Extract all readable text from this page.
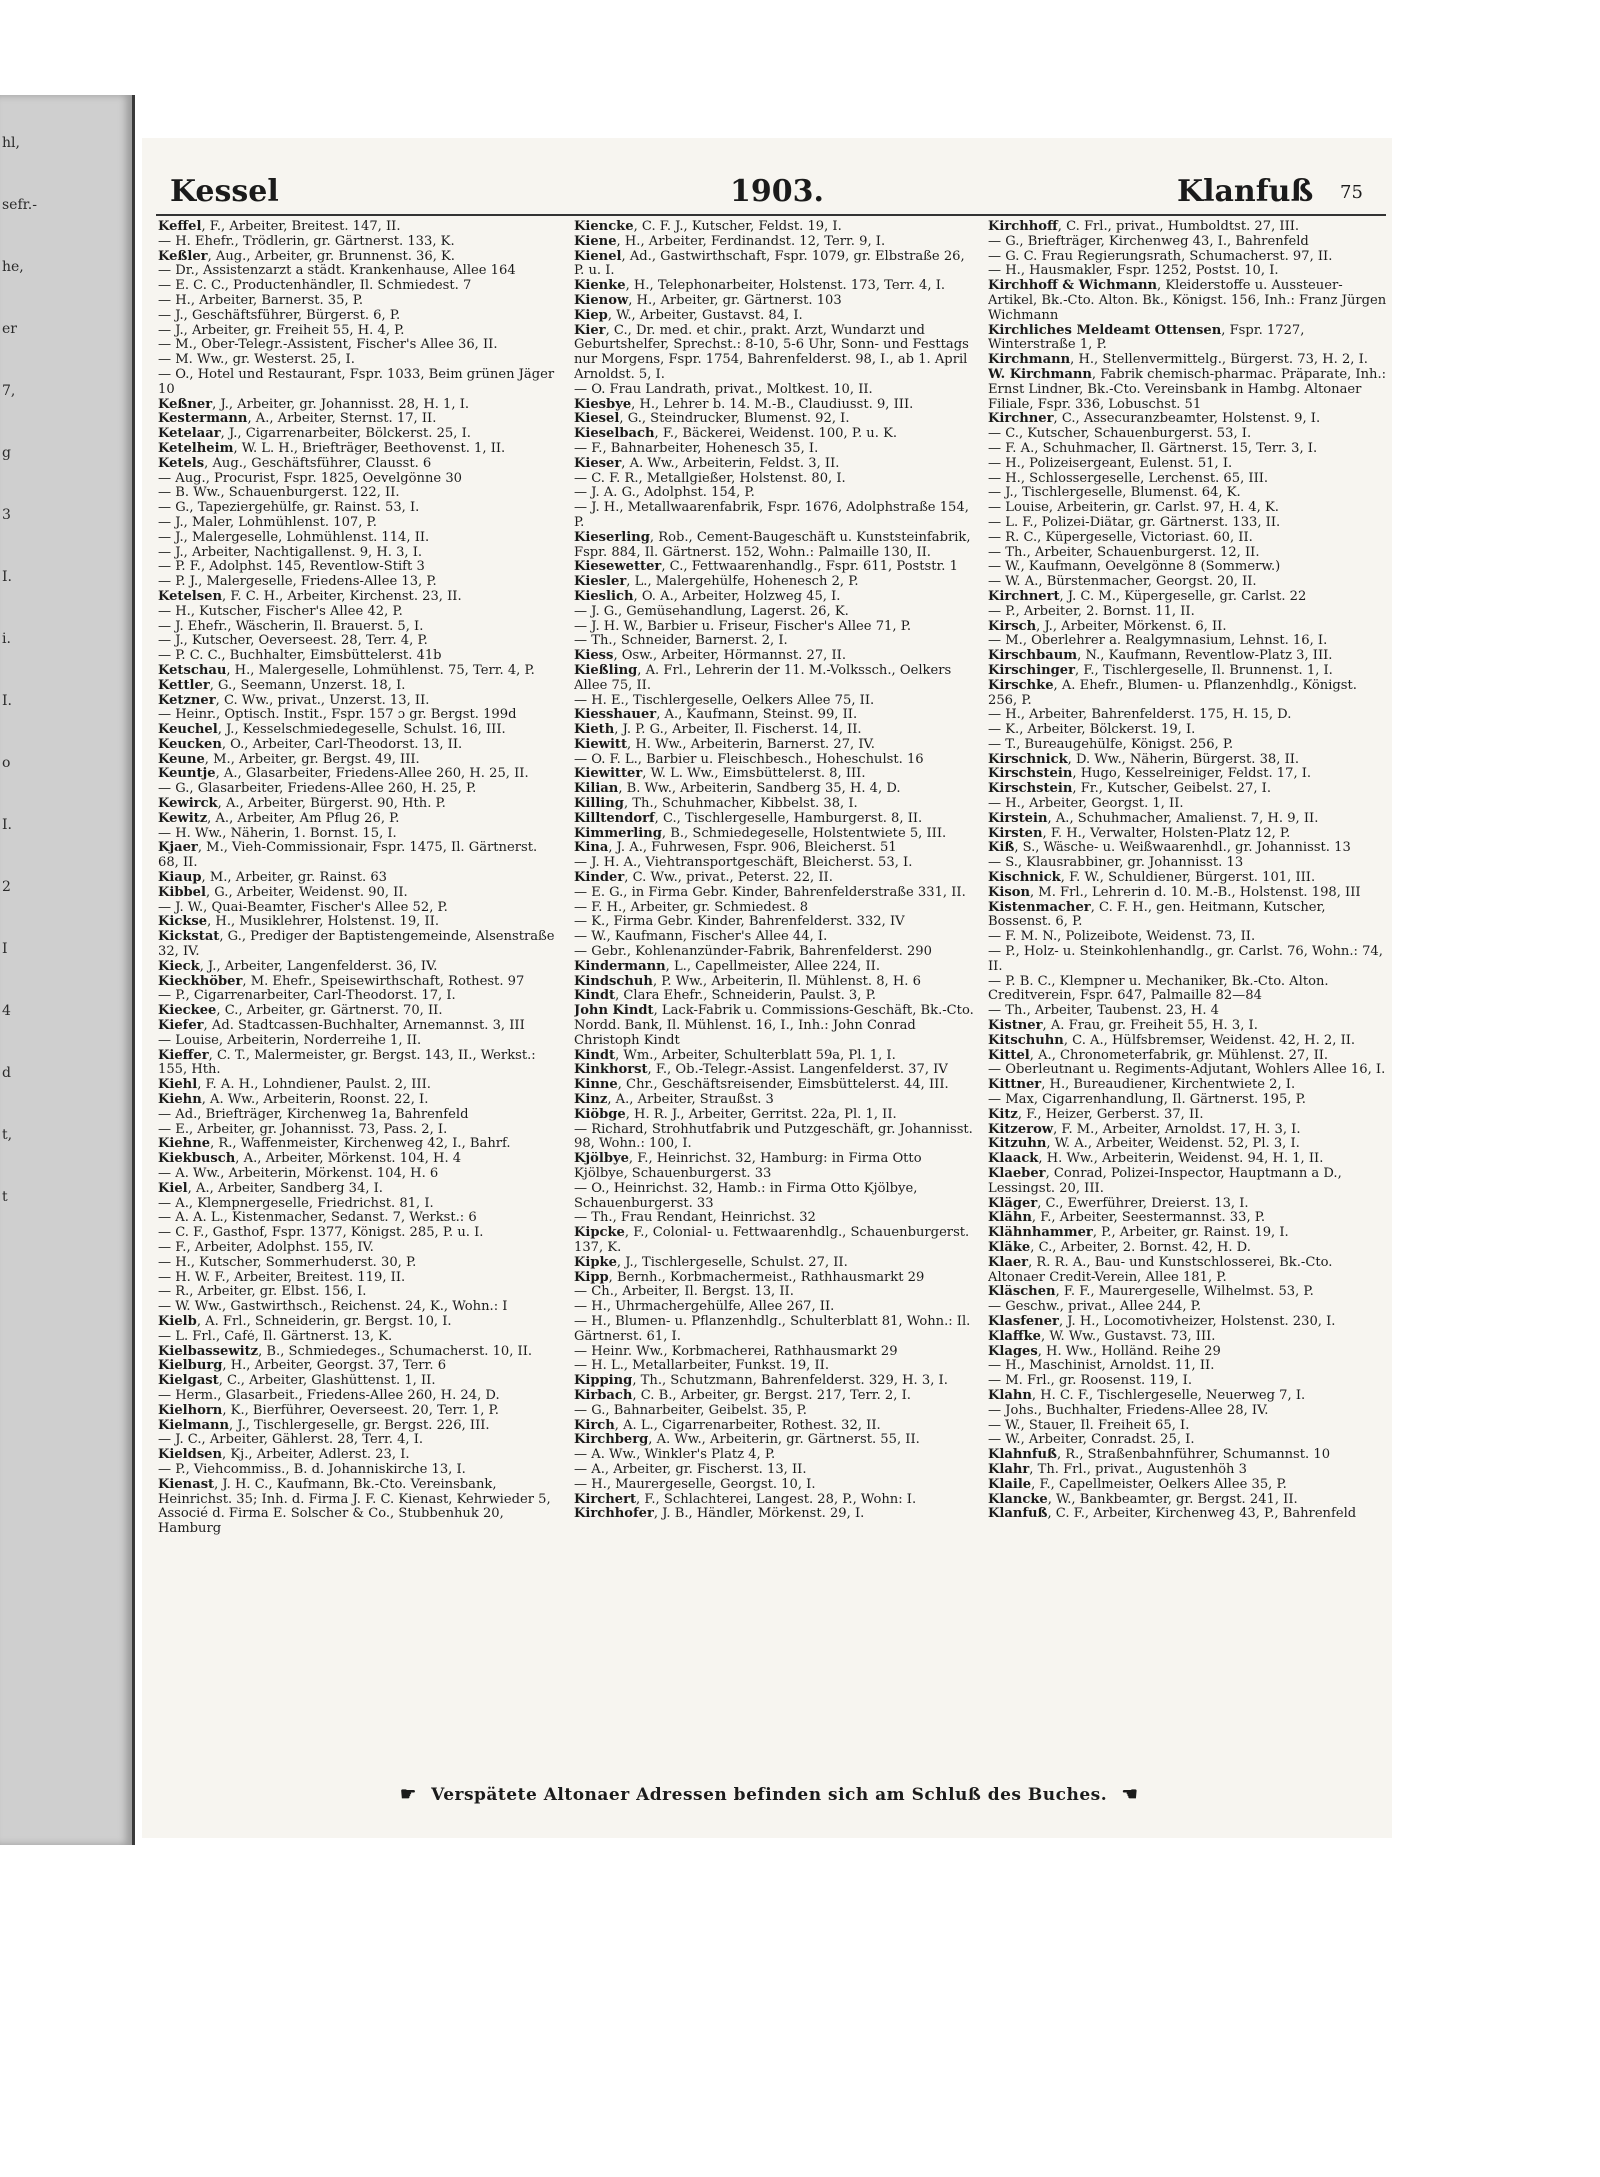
hl,
sefr.-
he,
er
7,
g
3
I.
i.
I.
o
I.
2
I
4
d
t,
t
Kessel	1903.	Klanfuß 75
Keffel, F., Arbeiter, Breitest. 147, II.
— H. Ehefr., Trödlerin, gr. Gärtnerst. 133, K.
Keßler, Aug., Arbeiter, gr. Brunnenst. 36, K.
— Dr., Assistenzarzt a städt. Krankenhause, Allee 164
— E. C. C., Productenhändler, Il. Schmiedest. 7
— H., Arbeiter, Barnerst. 35, P.
— J., Geschäftsführer, Bürgerst. 6, P.
— J., Arbeiter, gr. Freiheit 55, H. 4, P.
— M., Ober-Telegr.-Assistent, Fischer's Allee 36, II.
— M. Ww., gr. Westerst. 25, I.
— O., Hotel und Restaurant, Fspr. 1033, Beim grünen Jäger 10
Keßner, J., Arbeiter, gr. Johannisst. 28, H. 1, I.
Kestermann, A., Arbeiter, Sternst. 17, II.
Ketelaar, J., Cigarrenarbeiter, Bölckerst. 25, I.
Ketelheim, W. L. H., Briefträger, Beethovenst. 1, II.
Ketels, Aug., Geschäftsführer, Clausst. 6
— Aug., Procurist, Fspr. 1825, Oevelgönne 30
— B. Ww., Schauenburgerst. 122, II.
— G., Tapeziergehülfe, gr. Rainst. 53, I.
— J., Maler, Lohmühlenst. 107, P.
— J., Malergeselle, Lohmühlenst. 114, II.
— J., Arbeiter, Nachtigallenst. 9, H. 3, I.
— P. F., Adolphst. 145, Reventlow-Stift 3
— P. J., Malergeselle, Friedens-Allee 13, P.
Ketelsen, F. C. H., Arbeiter, Kirchenst. 23, II.
— H., Kutscher, Fischer's Allee 42, P.
— J. Ehefr., Wäscherin, Il. Brauerst. 5, I.
— J., Kutscher, Oeverseest. 28, Terr. 4, P.
— P. C. C., Buchhalter, Eimsbüttelerst. 41b
Ketschau, H., Malergeselle, Lohmühlenst. 75, Terr. 4, P.
Kettler, G., Seemann, Unzerst. 18, I.
Ketzner, C. Ww., privat., Unzerst. 13, II.
— Heinr., Optisch. Instit., Fspr. 157 ɔ gr. Bergst. 199d
Keuchel, J., Kesselschmiedegeselle, Schulst. 16, III.
Keucken, O., Arbeiter, Carl-Theodorst. 13, II.
Keune, M., Arbeiter, gr. Bergst. 49, III.
Keuntje, A., Glasarbeiter, Friedens-Allee 260, H. 25, II.
— G., Glasarbeiter, Friedens-Allee 260, H. 25, P.
Kewirck, A., Arbeiter, Bürgerst. 90, Hth. P.
Kewitz, A., Arbeiter, Am Pflug 26, P.
— H. Ww., Näherin, 1. Bornst. 15, I.
Kjaer, M., Vieh-Commissionair, Fspr. 1475, Il. Gärtnerst. 68, II.
Kiaup, M., Arbeiter, gr. Rainst. 63
Kibbel, G., Arbeiter, Weidenst. 90, II.
— J. W., Quai-Beamter, Fischer's Allee 52, P.
Kickse, H., Musiklehrer, Holstenst. 19, II.
Kickstat, G., Prediger der Baptistengemeinde, Alsenstraße 32, IV.
Kieck, J., Arbeiter, Langenfelderst. 36, IV.
Kieckhöber, M. Ehefr., Speisewirthschaft, Rothest. 97
— P., Cigarrenarbeiter, Carl-Theodorst. 17, I.
Kieckee, C., Arbeiter, gr. Gärtnerst. 70, II.
Kiefer, Ad. Stadtcassen-Buchhalter, Arnemannst. 3, III
— Louise, Arbeiterin, Norderreihe 1, II.
Kieffer, C. T., Malermeister, gr. Bergst. 143, II., Werkst.: 155, Hth.
Kiehl, F. A. H., Lohndiener, Paulst. 2, III.
Kiehn, A. Ww., Arbeiterin, Roonst. 22, I.
— Ad., Briefträger, Kirchenweg 1a, Bahrenfeld
— E., Arbeiter, gr. Johannisst. 73, Pass. 2, I.
Kiehne, R., Waffenmeister, Kirchenweg 42, I., Bahrf.
Kiekbusch, A., Arbeiter, Mörkenst. 104, H. 4
— A. Ww., Arbeiterin, Mörkenst. 104, H. 6
Kiel, A., Arbeiter, Sandberg 34, I.
— A., Klempnergeselle, Friedrichst. 81, I.
— A. A. L., Kistenmacher, Sedanst. 7, Werkst.: 6
— C. F., Gasthof, Fspr. 1377, Königst. 285, P. u. I.
— F., Arbeiter, Adolphst. 155, IV.
— H., Kutscher, Sommerhuderst. 30, P.
— H. W. F., Arbeiter, Breitest. 119, II.
— R., Arbeiter, gr. Elbst. 156, I.
— W. Ww., Gastwirthsch., Reichenst. 24, K., Wohn.: I
Kielb, A. Frl., Schneiderin, gr. Bergst. 10, I.
— L. Frl., Café, Il. Gärtnerst. 13, K.
Kielbassewitz, B., Schmiedeges., Schumacherst. 10, II.
Kielburg, H., Arbeiter, Georgst. 37, Terr. 6
Kielgast, C., Arbeiter, Glashüttenst. 1, II.
— Herm., Glasarbeit., Friedens-Allee 260, H. 24, D.
Kielhorn, K., Bierführer, Oeverseest. 20, Terr. 1, P.
Kielmann, J., Tischlergeselle, gr. Bergst. 226, III.
— J. C., Arbeiter, Gählerst. 28, Terr. 4, I.
Kieldsen, Kj., Arbeiter, Adlerst. 23, I.
— P., Viehcommiss., B. d. Johanniskirche 13, I.
Kienast, J. H. C., Kaufmann, Bk.-Cto. Vereinsbank, Heinrichst. 35; Inh. d. Firma J. F. C. Kienast, Kehrwieder 5, Associé d. Firma E. Solscher & Co., Stubbenhuk 20, Hamburg
Kiencke, C. F. J., Kutscher, Feldst. 19, I.
Kiene, H., Arbeiter, Ferdinandst. 12, Terr. 9, I.
Kienel, Ad., Gastwirthschaft, Fspr. 1079, gr. Elbstraße 26, P. u. I.
Kienke, H., Telephonarbeiter, Holstenst. 173, Terr. 4, I.
Kienow, H., Arbeiter, gr. Gärtnerst. 103
Kiep, W., Arbeiter, Gustavst. 84, I.
Kier, C., Dr. med. et chir., prakt. Arzt, Wundarzt und Geburtshelfer, Sprechst.: 8-10, 5-6 Uhr, Sonn- und Festtags nur Morgens, Fspr. 1754, Bahrenfelderst. 98, I., ab 1. April Arnoldst. 5, I.
— O. Frau Landrath, privat., Moltkest. 10, II.
Kiesbye, H., Lehrer b. 14. M.-B., Claudiusst. 9, III.
Kiesel, G., Steindrucker, Blumenst. 92, I.
Kieselbach, F., Bäckerei, Weidenst. 100, P. u. K.
— F., Bahnarbeiter, Hohenesch 35, I.
Kieser, A. Ww., Arbeiterin, Feldst. 3, II.
— C. F. R., Metallgießer, Holstenst. 80, I.
— J. A. G., Adolphst. 154, P.
— J. H., Metallwaarenfabrik, Fspr. 1676, Adolphstraße 154, P.
Kieserling, Rob., Cement-Baugeschäft u. Kunststeinfabrik, Fspr. 884, Il. Gärtnerst. 152, Wohn.: Palmaille 130, II.
Kiesewetter, C., Fettwaarenhandlg., Fspr. 611, Poststr. 1
Kiesler, L., Malergehülfe, Hohenesch 2, P.
Kieslich, O. A., Arbeiter, Holzweg 45, I.
— J. G., Gemüsehandlung, Lagerst. 26, K.
— J. H. W., Barbier u. Friseur, Fischer's Allee 71, P.
— Th., Schneider, Barnerst. 2, I.
Kiess, Osw., Arbeiter, Hörmannst. 27, II.
Kießling, A. Frl., Lehrerin der 11. M.-Volkssch., Oelkers Allee 75, II.
— H. E., Tischlergeselle, Oelkers Allee 75, II.
Kiesshauer, A., Kaufmann, Steinst. 99, II.
Kieth, J. P. G., Arbeiter, Il. Fischerst. 14, II.
Kiewitt, H. Ww., Arbeiterin, Barnerst. 27, IV.
— O. F. L., Barbier u. Fleischbesch., Hoheschulst. 16
Kiewitter, W. L. Ww., Eimsbüttelerst. 8, III.
Kilian, B. Ww., Arbeiterin, Sandberg 35, H. 4, D.
Killing, Th., Schuhmacher, Kibbelst. 38, I.
Killtendorf, C., Tischlergeselle, Hamburgerst. 8, II.
Kimmerling, B., Schmiedegeselle, Holstentwiete 5, III.
Kina, J. A., Fuhrwesen, Fspr. 906, Bleicherst. 51
— J. H. A., Viehtransportgeschäft, Bleicherst. 53, I.
Kinder, C. Ww., privat., Peterst. 22, II.
— E. G., in Firma Gebr. Kinder, Bahrenfelderstraße 331, II.
— F. H., Arbeiter, gr. Schmiedest. 8
— K., Firma Gebr. Kinder, Bahrenfelderst. 332, IV
— W., Kaufmann, Fischer's Allee 44, I.
— Gebr., Kohlenanzünder-Fabrik, Bahrenfelderst. 290
Kindermann, L., Capellmeister, Allee 224, II.
Kindschuh, P. Ww., Arbeiterin, Il. Mühlenst. 8, H. 6
Kindt, Clara Ehefr., Schneiderin, Paulst. 3, P.
John Kindt, Lack-Fabrik u. Commissions-Geschäft, Bk.-Cto. Nordd. Bank, Il. Mühlenst. 16, I., Inh.: John Conrad Christoph Kindt
Kindt, Wm., Arbeiter, Schulterblatt 59a, Pl. 1, I.
Kinkhorst, F., Ob.-Telegr.-Assist. Langenfelderst. 37, IV
Kinne, Chr., Geschäftsreisender, Eimsbüttelerst. 44, III.
Kinz, A., Arbeiter, Straußst. 3
Kiöbge, H. R. J., Arbeiter, Gerritst. 22a, Pl. 1, II.
— Richard, Strohhutfabrik und Putzgeschäft, gr. Johannisst. 98, Wohn.: 100, I.
Kjölbye, F., Heinrichst. 32, Hamburg: in Firma Otto Kjölbye, Schauenburgerst. 33
— O., Heinrichst. 32, Hamb.: in Firma Otto Kjölbye, Schauenburgerst. 33
— Th., Frau Rendant, Heinrichst. 32
Kipcke, F., Colonial- u. Fettwaarenhdlg., Schauenburgerst. 137, K.
Kipke, J., Tischlergeselle, Schulst. 27, II.
Kipp, Bernh., Korbmachermeist., Rathhausmarkt 29
— Ch., Arbeiter, Il. Bergst. 13, II.
— H., Uhrmachergehülfe, Allee 267, II.
— H., Blumen- u. Pflanzenhdlg., Schulterblatt 81, Wohn.: Il. Gärtnerst. 61, I.
— Heinr. Ww., Korbmacherei, Rathhausmarkt 29
— H. L., Metallarbeiter, Funkst. 19, II.
Kipping, Th., Schutzmann, Bahrenfelderst. 329, H. 3, I.
Kirbach, C. B., Arbeiter, gr. Bergst. 217, Terr. 2, I.
— G., Bahnarbeiter, Geibelst. 35, P.
Kirch, A. L., Cigarrenarbeiter, Rothest. 32, II.
Kirchberg, A. Ww., Arbeiterin, gr. Gärtnerst. 55, II.
— A. Ww., Winkler's Platz 4, P.
— A., Arbeiter, gr. Fischerst. 13, II.
— H., Maurergeselle, Georgst. 10, I.
Kirchert, F., Schlachterei, Langest. 28, P., Wohn: I.
Kirchhofer, J. B., Händler, Mörkenst. 29, I.
Kirchhoff, C. Frl., privat., Humboldtst. 27, III.
— G., Briefträger, Kirchenweg 43, I., Bahrenfeld
— G. C. Frau Regierungsrath, Schumacherst. 97, II.
— H., Hausmakler, Fspr. 1252, Postst. 10, I.
Kirchhoff & Wichmann, Kleiderstoffe u. Aussteuer-Artikel, Bk.-Cto. Alton. Bk., Königst. 156, Inh.: Franz Jürgen Wichmann
Kirchliches Meldeamt Ottensen, Fspr. 1727, Winterstraße 1, P.
Kirchmann, H., Stellenvermittelg., Bürgerst. 73, H. 2, I.
W. Kirchmann, Fabrik chemisch-pharmac. Präparate, Inh.: Ernst Lindner, Bk.-Cto. Vereinsbank in Hambg. Altonaer Filiale, Fspr. 336, Lobuschst. 51
Kirchner, C., Assecuranzbeamter, Holstenst. 9, I.
— C., Kutscher, Schauenburgerst. 53, I.
— F. A., Schuhmacher, Il. Gärtnerst. 15, Terr. 3, I.
— H., Polizeisergeant, Eulenst. 51, I.
— H., Schlossergeselle, Lerchenst. 65, III.
— J., Tischlergeselle, Blumenst. 64, K.
— Louise, Arbeiterin, gr. Carlst. 97, H. 4, K.
— L. F., Polizei-Diätar, gr. Gärtnerst. 133, II.
— R. C., Küpergeselle, Victoriast. 60, II.
— Th., Arbeiter, Schauenburgerst. 12, II.
— W., Kaufmann, Oevelgönne 8 (Sommerw.)
— W. A., Bürstenmacher, Georgst. 20, II.
Kirchnert, J. C. M., Küpergeselle, gr. Carlst. 22
— P., Arbeiter, 2. Bornst. 11, II.
Kirsch, J., Arbeiter, Mörkenst. 6, II.
— M., Oberlehrer a. Realgymnasium, Lehnst. 16, I.
Kirschbaum, N., Kaufmann, Reventlow-Platz 3, III.
Kirschinger, F., Tischlergeselle, Il. Brunnenst. 1, I.
Kirschke, A. Ehefr., Blumen- u. Pflanzenhdlg., Königst. 256, P.
— H., Arbeiter, Bahrenfelderst. 175, H. 15, D.
— K., Arbeiter, Bölckerst. 19, I.
— T., Bureaugehülfe, Königst. 256, P.
Kirschnick, D. Ww., Näherin, Bürgerst. 38, II.
Kirschstein, Hugo, Kesselreiniger, Feldst. 17, I.
Kirschstein, Fr., Kutscher, Geibelst. 27, I.
— H., Arbeiter, Georgst. 1, II.
Kirstein, A., Schuhmacher, Amalienst. 7, H. 9, II.
Kirsten, F. H., Verwalter, Holsten-Platz 12, P.
Kiß, S., Wäsche- u. Weißwaarenhdl., gr. Johannisst. 13
— S., Klausrabbiner, gr. Johannisst. 13
Kischnick, F. W., Schuldiener, Bürgerst. 101, III.
Kison, M. Frl., Lehrerin d. 10. M.-B., Holstenst. 198, III
Kistenmacher, C. F. H., gen. Heitmann, Kutscher, Bossenst. 6, P.
— F. M. N., Polizeibote, Weidenst. 73, II.
— P., Holz- u. Steinkohlenhandlg., gr. Carlst. 76, Wohn.: 74, II.
— P. B. C., Klempner u. Mechaniker, Bk.-Cto. Alton. Creditverein, Fspr. 647, Palmaille 82—84
— Th., Arbeiter, Taubenst. 23, H. 4
Kistner, A. Frau, gr. Freiheit 55, H. 3, I.
Kitschuhn, C. A., Hülfsbremser, Weidenst. 42, H. 2, II.
Kittel, A., Chronometerfabrik, gr. Mühlenst. 27, II.
— Oberleutnant u. Regiments-Adjutant, Wohlers Allee 16, I.
Kittner, H., Bureaudiener, Kirchentwiete 2, I.
— Max, Cigarrenhandlung, Il. Gärtnerst. 195, P.
Kitz, F., Heizer, Gerberst. 37, II.
Kitzerow, F. M., Arbeiter, Arnoldst. 17, H. 3, I.
Kitzuhn, W. A., Arbeiter, Weidenst. 52, Pl. 3, I.
Klaack, H. Ww., Arbeiterin, Weidenst. 94, H. 1, II.
Klaeber, Conrad, Polizei-Inspector, Hauptmann a D., Lessingst. 20, III.
Kläger, C., Ewerführer, Dreierst. 13, I.
Klähn, F., Arbeiter, Seestermannst. 33, P.
Klähnhammer, P., Arbeiter, gr. Rainst. 19, I.
Kläke, C., Arbeiter, 2. Bornst. 42, H. D.
Klaer, R. R. A., Bau- und Kunstschlosserei, Bk.-Cto. Altonaer Credit-Verein, Allee 181, P.
Kläschen, F. F., Maurergeselle, Wilhelmst. 53, P.
— Geschw., privat., Allee 244, P.
Klasfener, J. H., Locomotivheizer, Holstenst. 230, I.
Klaffke, W. Ww., Gustavst. 73, III.
Klages, H. Ww., Holländ. Reihe 29
— H., Maschinist, Arnoldst. 11, II.
— M. Frl., gr. Roosenst. 119, I.
Klahn, H. C. F., Tischlergeselle, Neuerweg 7, I.
— Johs., Buchhalter, Friedens-Allee 28, IV.
— W., Stauer, Il. Freiheit 65, I.
— W., Arbeiter, Conradst. 25, I.
Klahnfuß, R., Straßenbahnführer, Schumannst. 10
Klahr, Th. Frl., privat., Augustenhöh 3
Klaile, F., Capellmeister, Oelkers Allee 35, P.
Klancke, W., Bankbeamter, gr. Bergst. 241, II.
Klanfuß, C. F., Arbeiter, Kirchenweg 43, P., Bahrenfeld
☛ Verspätete Altonaer Adressen befinden sich am Schluß des Buches. ☚
